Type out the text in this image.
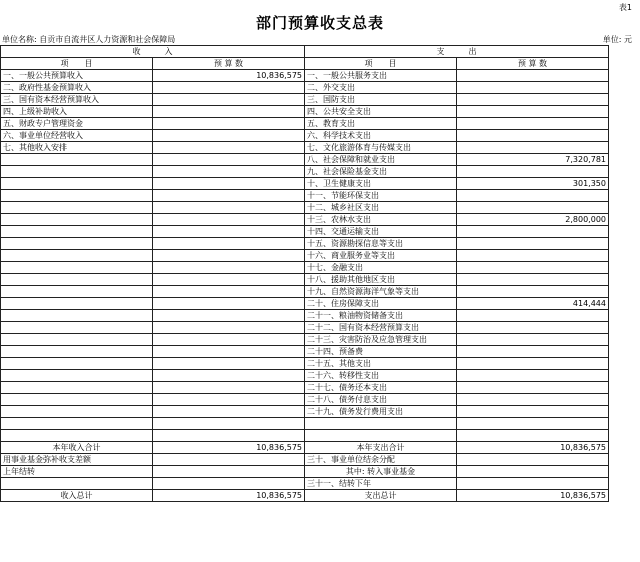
表1
部门预算收支总表
单位名称: 自贡市自流井区人力资源和社会保障局	单位: 元
收　　　入		支　　　出	
项　　目	预 算 数	项　　目	预 算 数
一、一般公共预算收入	10,836,575	一、一般公共服务支出	
二、政府性基金预算收入		二、外交支出	
三、国有资本经营预算收入		三、国防支出	
四、上级补助收入		四、公共安全支出	
五、财政专户管理资金		五、教育支出	
六、事业单位经营收入		六、科学技术支出	
七、其他收入安排		七、文化旅游体育与传媒支出	
		八、社会保障和就业支出	7,320,781
		九、社会保险基金支出	
		十、卫生健康支出	301,350
		十一、节能环保支出	
		十二、城乡社区支出	
		十三、农林水支出	2,800,000
		十四、交通运输支出	
		十五、资源勘探信息等支出	
		十六、商业服务业等支出	
		十七、金融支出	
		十八、援助其他地区支出	
		十九、自然资源海洋气象等支出	
		二十、住房保障支出	414,444
		二十一、粮油物资储备支出	
		二十二、国有资本经营预算支出	
		二十三、灾害防治及应急管理支出	
		二十四、预备费	
		二十五、其他支出	
		二十六、转移性支出	
		二十七、债务还本支出	
		二十八、债务付息支出	
		二十九、债务发行费用支出	

本年收入合计	10,836,575	本年支出合计	10,836,575
用事业基金弥补收支差额		三十、事业单位结余分配	
上年结转		其中: 转入事业基金	
		三十一、结转下年	
收入总计	10,836,575	支出总计	10,836,575
